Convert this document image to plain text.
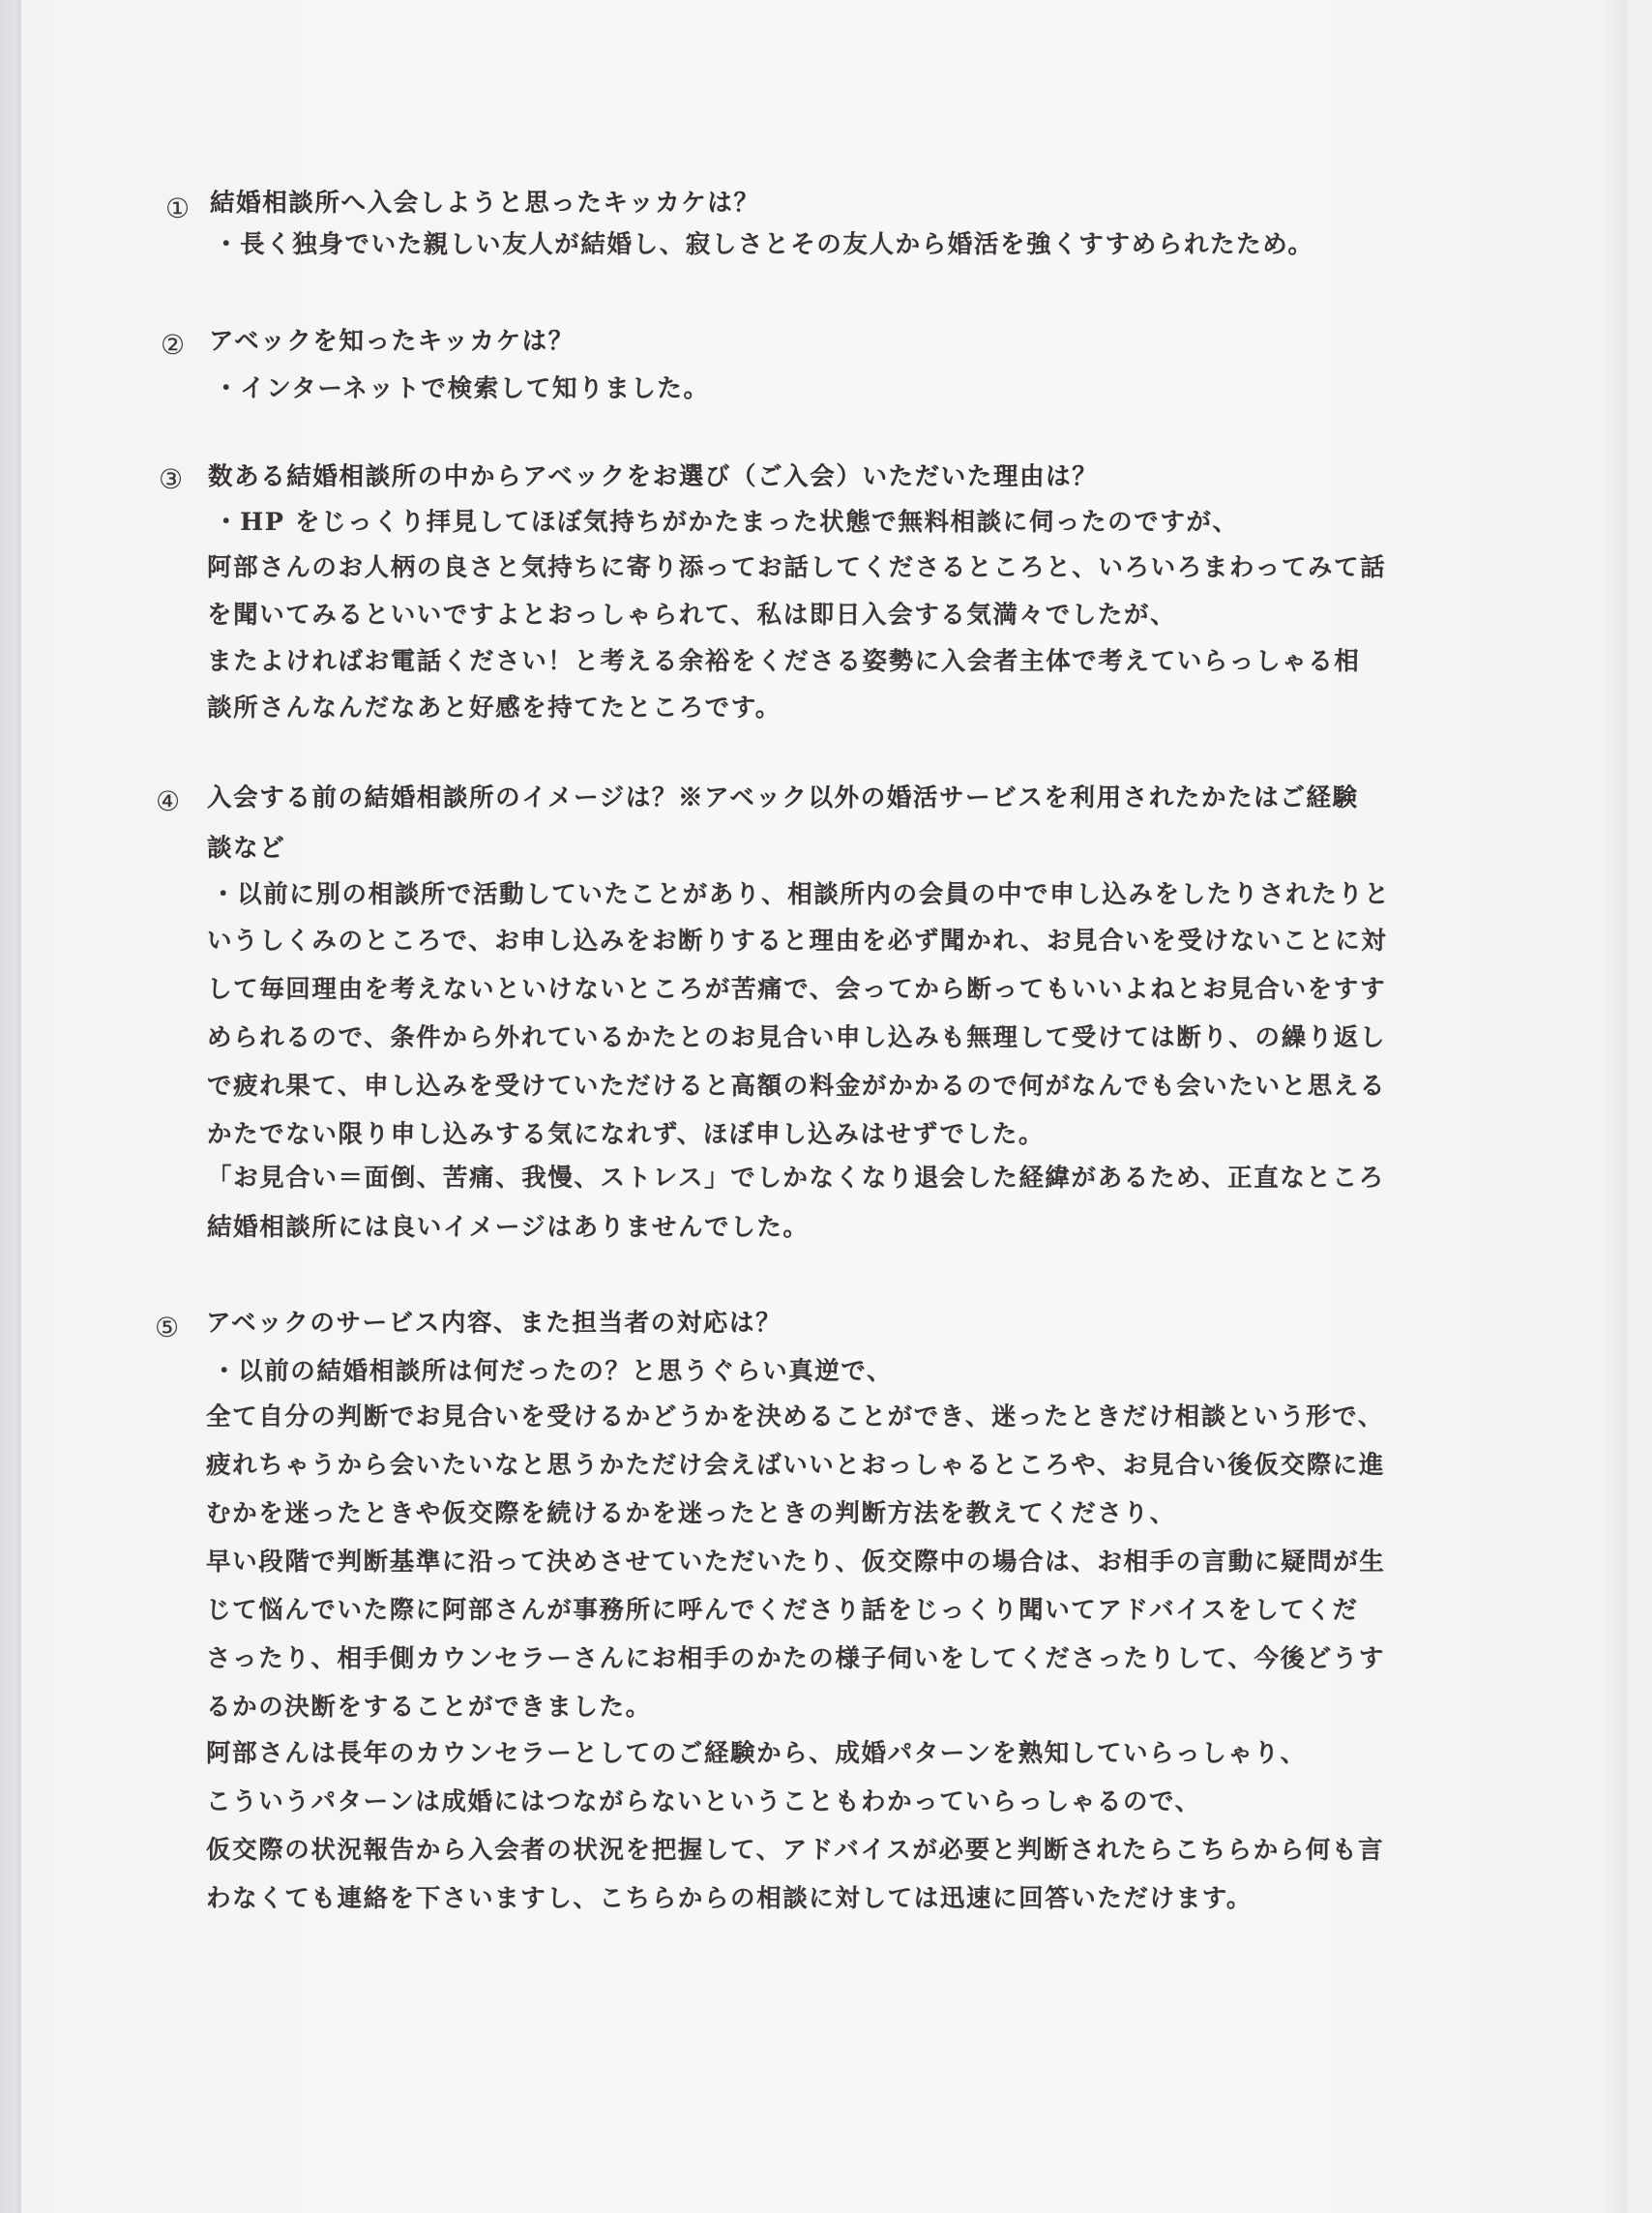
① 結婚相談所へ入会しようと思ったキッカケは？
・長く独身でいた親しい友人が結婚し、寂しさとその友人から婚活を強くすすめられたため。
② アベックを知ったキッカケは？
・インターネットで検索して知りました。
③ 数ある結婚相談所の中からアベックをお選び（ご入会）いただいた理由は？
・HP をじっくり拝見してほぼ気持ちがかたまった状態で無料相談に伺ったのですが、
阿部さんのお人柄の良さと気持ちに寄り添ってお話してくださるところと、いろいろまわってみて話
を聞いてみるといいですよとおっしゃられて、私は即日入会する気満々でしたが、
またよければお電話ください！と考える余裕をくださる姿勢に入会者主体で考えていらっしゃる相
談所さんなんだなあと好感を持てたところです。
④ 入会する前の結婚相談所のイメージは？※アベック以外の婚活サービスを利用されたかたはご経験
談など
・以前に別の相談所で活動していたことがあり、相談所内の会員の中で申し込みをしたりされたりと
いうしくみのところで、お申し込みをお断りすると理由を必ず聞かれ、お見合いを受けないことに対
して毎回理由を考えないといけないところが苦痛で、会ってから断ってもいいよねとお見合いをすす
められるので、条件から外れているかたとのお見合い申し込みも無理して受けては断り、の繰り返し
で疲れ果て、申し込みを受けていただけると高額の料金がかかるので何がなんでも会いたいと思える
かたでない限り申し込みする気になれず、ほぼ申し込みはせずでした。
「お見合い＝面倒、苦痛、我慢、ストレス」でしかなくなり退会した経緯があるため、正直なところ
結婚相談所には良いイメージはありませんでした。
⑤ アベックのサービス内容、また担当者の対応は？
・以前の結婚相談所は何だったの？と思うぐらい真逆で、
全て自分の判断でお見合いを受けるかどうかを決めることができ、迷ったときだけ相談という形で、
疲れちゃうから会いたいなと思うかただけ会えばいいとおっしゃるところや、お見合い後仮交際に進
むかを迷ったときや仮交際を続けるかを迷ったときの判断方法を教えてくださり、
早い段階で判断基準に沿って決めさせていただいたり、仮交際中の場合は、お相手の言動に疑問が生
じて悩んでいた際に阿部さんが事務所に呼んでくださり話をじっくり聞いてアドバイスをしてくだ
さったり、相手側カウンセラーさんにお相手のかたの様子伺いをしてくださったりして、今後どうす
るかの決断をすることができました。
阿部さんは長年のカウンセラーとしてのご経験から、成婚パターンを熟知していらっしゃり、
こういうパターンは成婚にはつながらないということもわかっていらっしゃるので、
仮交際の状況報告から入会者の状況を把握して、アドバイスが必要と判断されたらこちらから何も言
わなくても連絡を下さいますし、こちらからの相談に対しては迅速に回答いただけます。
